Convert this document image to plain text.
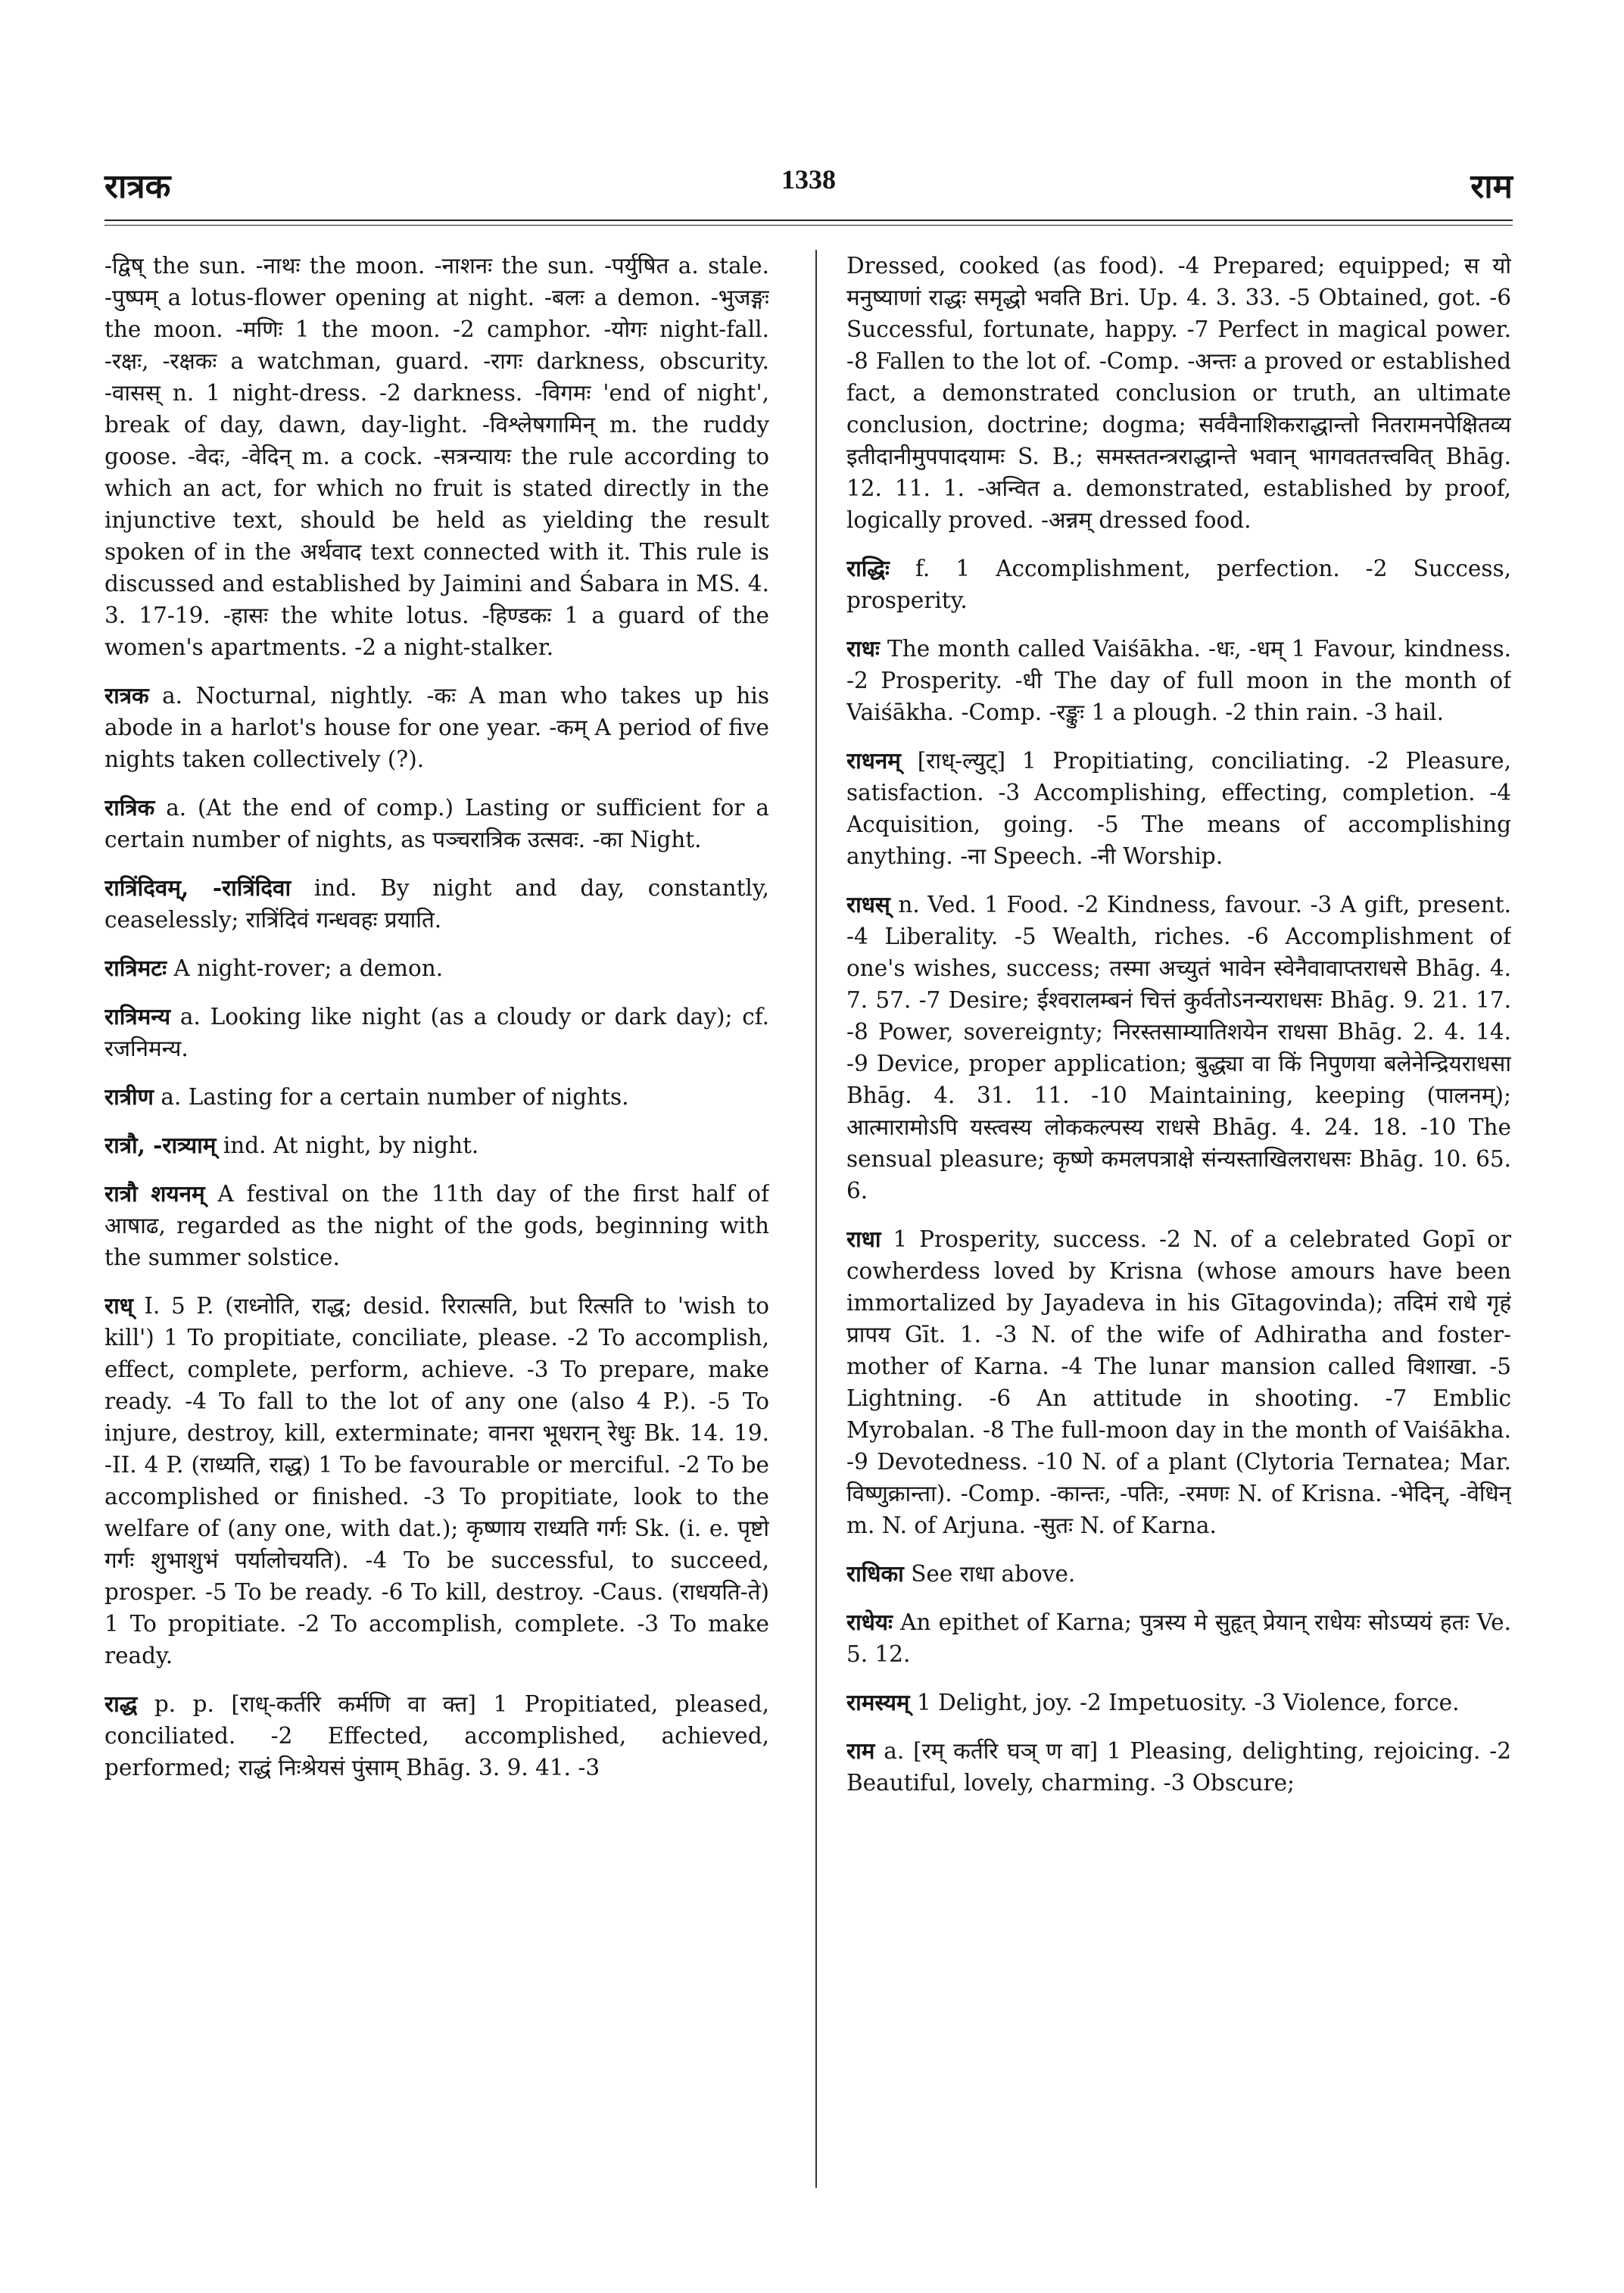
रात्रक	1338	राम

-द्विष् the sun. -नाथः the moon. -नाशनः the sun. -पर्युषित a. stale. -पुष्पम् a lotus-flower opening at night. -बलः a demon. -भुजङ्गः the moon. -मणिः 1 the moon. -2 camphor. -योगः night-fall. -रक्षः, -रक्षकः a watchman, guard. -रागः darkness, obscurity. -वासस् n. 1 night-dress. -2 darkness. -विगमः 'end of night', break of day, dawn, day-light. -विश्लेषगामिन् m. the ruddy goose. -वेदः, -वेदिन् m. a cock. -सत्रन्यायः the rule according to which an act, for which no fruit is stated directly in the injunctive text, should be held as yielding the result spoken of in the अर्थवाद text connected with it. This rule is discussed and established by Jaimini and Śabara in MS. 4. 3. 17-19. -हासः the white lotus. -हिण्डकः 1 a guard of the women's apartments. -2 a night-stalker.

रात्रक a. Nocturnal, nightly. -कः A man who takes up his abode in a harlot's house for one year. -कम् A period of five nights taken collectively (?).

रात्रिक a. (At the end of comp.) Lasting or sufficient for a certain number of nights, as पञ्चरात्रिक उत्सवः. -का Night.

रात्रिंदिवम्, -रात्रिंदिवा ind. By night and day, constantly, ceaselessly; रात्रिंदिवं गन्धवहः प्रयाति.

रात्रिमटः A night-rover; a demon.

रात्रिमन्य a. Looking like night (as a cloudy or dark day); cf. रजनिमन्य.

रात्रीण a. Lasting for a certain number of nights.

रात्रौ, -रात्र्याम् ind. At night, by night.

रात्रौ शयनम् A festival on the 11th day of the first half of आषाढ, regarded as the night of the gods, beginning with the summer solstice.

राध् I. 5 P. (राध्नोति, राद्ध; desid. रिरात्सति, but रित्सति to 'wish to kill') 1 To propitiate, conciliate, please. -2 To accomplish, effect, complete, perform, achieve. -3 To prepare, make ready. -4 To fall to the lot of any one (also 4 P.). -5 To injure, destroy, kill, exterminate; वानरा भूधरान् रेधुः Bk. 14. 19. -II. 4 P. (राध्यति, राद्ध) 1 To be favourable or merciful. -2 To be accomplished or finished. -3 To propitiate, look to the welfare of (any one, with dat.); कृष्णाय राध्यति गर्गः Sk. (i. e. पृष्टो गर्गः शुभाशुभं पर्यालोचयति). -4 To be successful, to succeed, prosper. -5 To be ready. -6 To kill, destroy. -Caus. (राधयति-ते) 1 To propitiate. -2 To accomplish, complete. -3 To make ready.

राद्ध p. p. [राध्-कर्तरि कर्मणि वा क्त] 1 Propitiated, pleased, conciliated. -2 Effected, accomplished, achieved, performed; राद्धं निःश्रेयसं पुंसाम् Bhāg. 3. 9. 41. -3

Dressed, cooked (as food). -4 Prepared; equipped; स यो मनुष्याणां राद्धः समृद्धो भवति Bri. Up. 4. 3. 33. -5 Obtained, got. -6 Successful, fortunate, happy. -7 Perfect in magical power. -8 Fallen to the lot of. -Comp. -अन्तः a proved or established fact, a demonstrated conclusion or truth, an ultimate conclusion, doctrine; dogma; सर्ववैनाशिकराद्धान्तो नितरामनपेक्षितव्य इतीदानीमुपपादयामः S. B.; समस्ततन्त्रराद्धान्ते भवान् भागवततत्त्ववित् Bhāg. 12. 11. 1. -अन्वित a. demonstrated, established by proof, logically proved. -अन्नम् dressed food.

राद्धिः f. 1 Accomplishment, perfection. -2 Success, prosperity.

राधः The month called Vaiśākha. -धः, -धम् 1 Favour, kindness. -2 Prosperity. -धी The day of full moon in the month of Vaiśākha. -Comp. -रङ्कुः 1 a plough. -2 thin rain. -3 hail.

राधनम् [राध्-ल्युट्] 1 Propitiating, conciliating. -2 Pleasure, satisfaction. -3 Accomplishing, effecting, completion. -4 Acquisition, going. -5 The means of accomplishing anything. -ना Speech. -नी Worship.

राधस् n. Ved. 1 Food. -2 Kindness, favour. -3 A gift, present. -4 Liberality. -5 Wealth, riches. -6 Accomplishment of one's wishes, success; तस्मा अच्युतं भावेन स्वेनैवावाप्तराधसे Bhāg. 4. 7. 57. -7 Desire; ईश्वरालम्बनं चित्तं कुर्वतोऽनन्यराधसः Bhāg. 9. 21. 17. -8 Power, sovereignty; निरस्तसाम्यातिशयेन राधसा Bhāg. 2. 4. 14. -9 Device, proper application; बुद्ध्या वा किं निपुणया बलेनेन्द्रियराधसा Bhāg. 4. 31. 11. -10 Maintaining, keeping (पालनम्); आत्मारामोऽपि यस्त्वस्य लोककल्पस्य राधसे Bhāg. 4. 24. 18. -10 The sensual pleasure; कृष्णे कमलपत्राक्षे संन्यस्ताखिलराधसः Bhāg. 10. 65. 6.

राधा 1 Prosperity, success. -2 N. of a celebrated Gopī or cowherdess loved by Krisna (whose amours have been immortalized by Jayadeva in his Gītagovinda); तदिमं राधे गृहं प्रापय Gīt. 1. -3 N. of the wife of Adhiratha and foster-mother of Karna. -4 The lunar mansion called विशाखा. -5 Lightning. -6 An attitude in shooting. -7 Emblic Myrobalan. -8 The full-moon day in the month of Vaiśākha. -9 Devotedness. -10 N. of a plant (Clytoria Ternatea; Mar. विष्णुक्रान्ता). -Comp. -कान्तः, -पतिः, -रमणः N. of Krisna. -भेदिन्, -वेधिन् m. N. of Arjuna. -सुतः N. of Karna.

राधिका See राधा above.

राधेयः An epithet of Karna; पुत्रस्य मे सुहृत् प्रेयान् राधेयः सोऽप्ययं हतः Ve. 5. 12.

रामस्यम् 1 Delight, joy. -2 Impetuosity. -3 Violence, force.

राम a. [रम् कर्तरि घञ् ण वा] 1 Pleasing, delighting, rejoicing. -2 Beautiful, lovely, charming. -3 Obscure;
